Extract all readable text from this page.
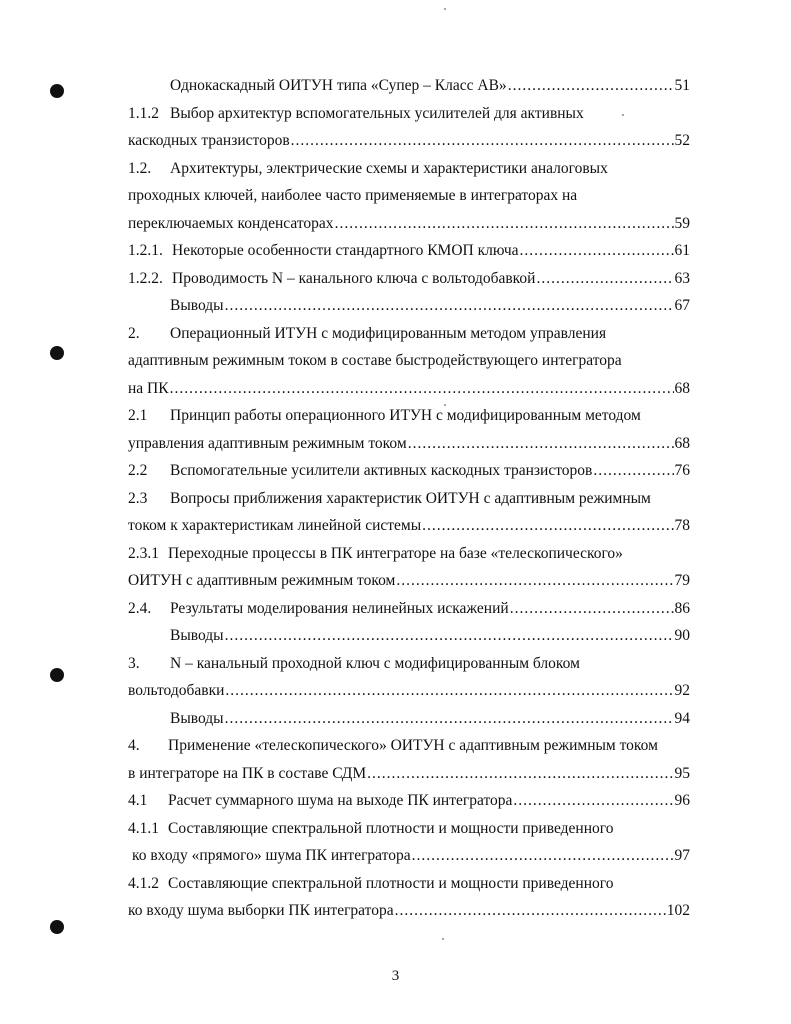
Однокаскадный ОИТУН типа «Супер – Класс АВ» .....	51
1.1.2 Выбор архитектур вспомогательных усилителей для активных
каскодных транзисторов .....	52
1.2.	Архитектуры, электрические схемы и характеристики аналоговых
проходных ключей, наиболее часто применяемые в интеграторах на
переключаемых конденсаторах .....	59
1.2.1. Некоторые особенности стандартного КМОП ключа .....	61
1.2.2. Проводимость N – канального ключа с вольтодобавкой .....	63
Выводы .....	67
2.	Операционный ИТУН с модифицированным методом управления
адаптивным режимным током в составе быстродействующего интегратора
на ПК .....	68
2.1	Принцип работы операционного ИТУН с модифицированным методом
управления адаптивным режимным током .....	68
2.2	Вспомогательные усилители активных каскодных транзисторов .....	76
2.3	Вопросы приближения характеристик ОИТУН с адаптивным режимным
током к характеристикам линейной системы .....	78
2.3.1 Переходные процессы в ПК интеграторе на базе «телескопического»
ОИТУН с адаптивным режимным током .....	79
2.4.	Результаты моделирования нелинейных искажений .....	86
Выводы .....	90
3.	N – канальный проходной ключ с модифицированным блоком
вольтодобавки .....	92
Выводы .....	94
4.	Применение «телескопического» ОИТУН с адаптивным режимным током
в интеграторе на ПК в составе СДМ .....	95
4.1	Расчет суммарного шума на выходе ПК интегратора .....	96
4.1.1 Составляющие спектральной плотности и мощности приведенного
ко входу «прямого» шума ПК интегратора .....	97
4.1.2 Составляющие спектральной плотности и мощности приведенного
ко входу шума выборки ПК интегратора .....	102
3
